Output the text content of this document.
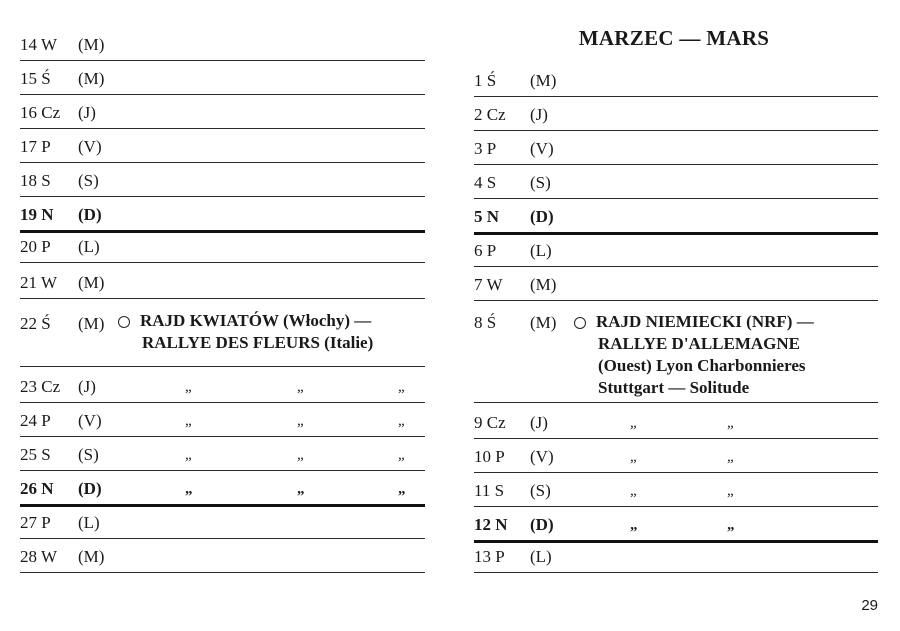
14 W (M)
15 Ś (M)
16 Cz (J)
17 P (V)
18 S (S)
19 N (D)
20 P (L)
21 W (M)
22 Ś (M)	RAJD KWIATÓW (Włochy) —
RALLYE DES FLEURS (Italie)
23 Cz (J)	„	„	„
24 P (V)	„	„	„
25 S (S)	„	„	„
26 N (D)	„	„	„
27 P (L)
28 W (M)
MARZEC — MARS
1 Ś (M)
2 Cz (J)
3 P (V)
4 S (S)
5 N (D)
6 P (L)
7 W (M)
8 Ś (M)	RAJD NIEMIECKI (NRF) —
RALLYE D'ALLEMAGNE
(Ouest) Lyon Charbonnieres
Stuttgart — Solitude
9 Cz (J)	„	„
10 P (V)	„	„
11 S (S)	„	„
12 N (D)	„	„
13 P (L)
29
